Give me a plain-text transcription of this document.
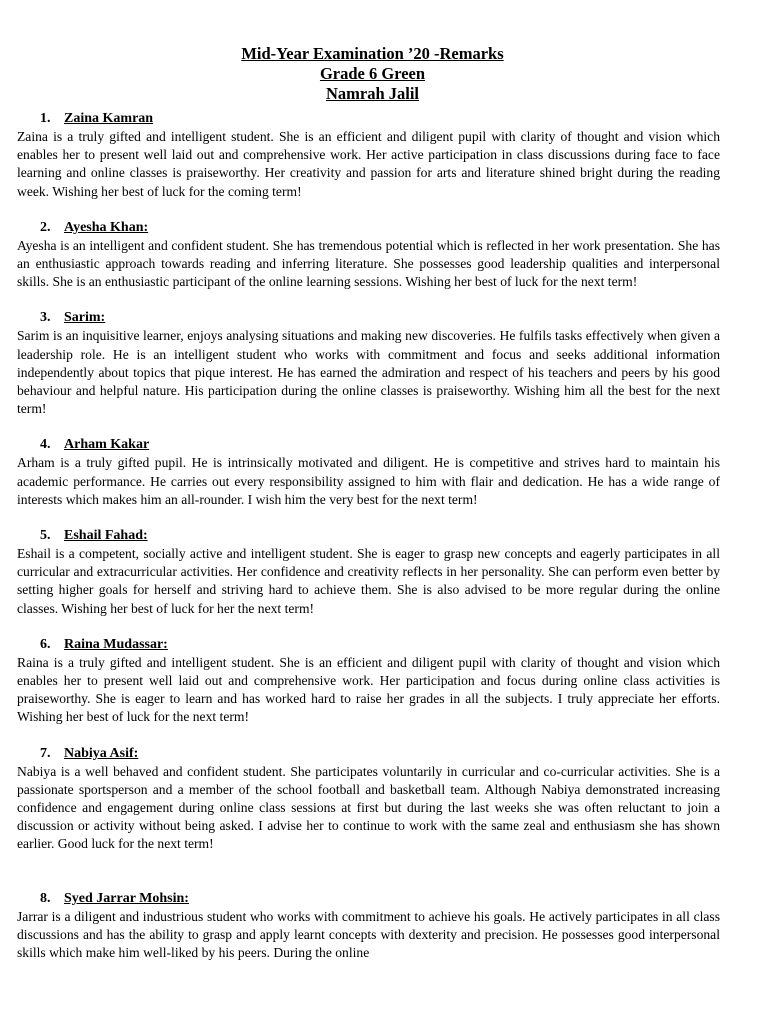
Mid-Year Examination ’20 -Remarks
Grade 6 Green
Namrah Jalil
1. Zaina Kamran

Zaina is a truly gifted and intelligent student. She is an efficient and diligent pupil with clarity of thought and vision which enables her to present well laid out and comprehensive work. Her active participation in class discussions during face to face learning and online classes is praiseworthy. Her creativity and passion for arts and literature shined bright during the reading week. Wishing her best of luck for the coming term!

2. Ayesha Khan:

Ayesha is an intelligent and confident student. She has tremendous potential which is reflected in her work presentation. She has an enthusiastic approach towards reading and inferring literature. She possesses good leadership qualities and interpersonal skills. She is an enthusiastic participant of the online learning sessions. Wishing her best of luck for the next term!

3. Sarim:

Sarim is an inquisitive learner, enjoys analysing situations and making new discoveries. He fulfils tasks effectively when given a leadership role. He is an intelligent student who works with commitment and focus and seeks additional information independently about topics that pique interest. He has earned the admiration and respect of his teachers and peers by his good behaviour and helpful nature. His participation during the online classes is praiseworthy. Wishing him all the best for the next term!

4. Arham Kakar

Arham is a truly gifted pupil. He is intrinsically motivated and diligent. He is competitive and strives hard to maintain his academic performance. He carries out every responsibility assigned to him with flair and dedication. He has a wide range of interests which makes him an all-rounder. I wish him the very best for the next term!

5. Eshail Fahad:

Eshail is a competent, socially active and intelligent student. She is eager to grasp new concepts and eagerly participates in all curricular and extracurricular activities. Her confidence and creativity reflects in her personality. She can perform even better by setting higher goals for herself and striving hard to achieve them. She is also advised to be more regular during the online classes. Wishing her best of luck for her the next term!

6. Raina Mudassar:

Raina is a truly gifted and intelligent student. She is an efficient and diligent pupil with clarity of thought and vision which enables her to present well laid out and comprehensive work. Her participation and focus during online class activities is praiseworthy. She is eager to learn and has worked hard to raise her grades in all the subjects. I truly appreciate her efforts. Wishing her best of luck for the next term!

7. Nabiya Asif:

Nabiya is a well behaved and confident student. She participates voluntarily in curricular and co-curricular activities. She is a passionate sportsperson and a member of the school football and basketball team. Although Nabiya demonstrated increasing confidence and engagement during online class sessions at first but during the last weeks she was often reluctant to join a discussion or activity without being asked. I advise her to continue to work with the same zeal and enthusiasm she has shown earlier. Good luck for the next term!

8. Syed Jarrar Mohsin:

Jarrar is a diligent and industrious student who works with commitment to achieve his goals. He actively participates in all class discussions and has the ability to grasp and apply learnt concepts with dexterity and precision. He possesses good interpersonal skills which make him well-liked by his peers. During the online
